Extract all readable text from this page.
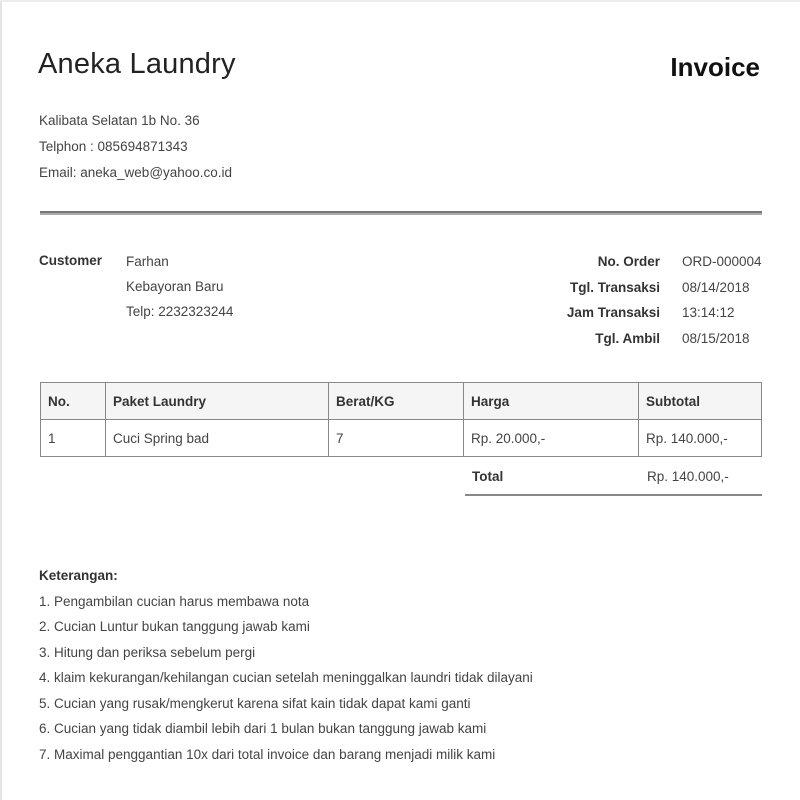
Aneka Laundry	Invoice
Kalibata Selatan 1b No. 36
Telphon : 085694871343
Email: aneka_web@yahoo.co.id
Customer Farhan
Kebayoran Baru
Telp: 2232323244
No. Order	ORD-000004
Tgl. Transaksi	08/14/2018
Jam Transaksi	13:14:12
Tgl. Ambil	08/15/2018
No.	Paket Laundry	Berat/KG	Harga	Subtotal
1	Cuci Spring bad	7	Rp. 20.000,-	Rp. 140.000,-
Total	Rp. 140.000,-
Keterangan:
1. Pengambilan cucian harus membawa nota
2. Cucian Luntur bukan tanggung jawab kami
3. Hitung dan periksa sebelum pergi
4. klaim kekurangan/kehilangan cucian setelah meninggalkan laundri tidak dilayani
5. Cucian yang rusak/mengkerut karena sifat kain tidak dapat kami ganti
6. Cucian yang tidak diambil lebih dari 1 bulan bukan tanggung jawab kami
7. Maximal penggantian 10x dari total invoice dan barang menjadi milik kami
